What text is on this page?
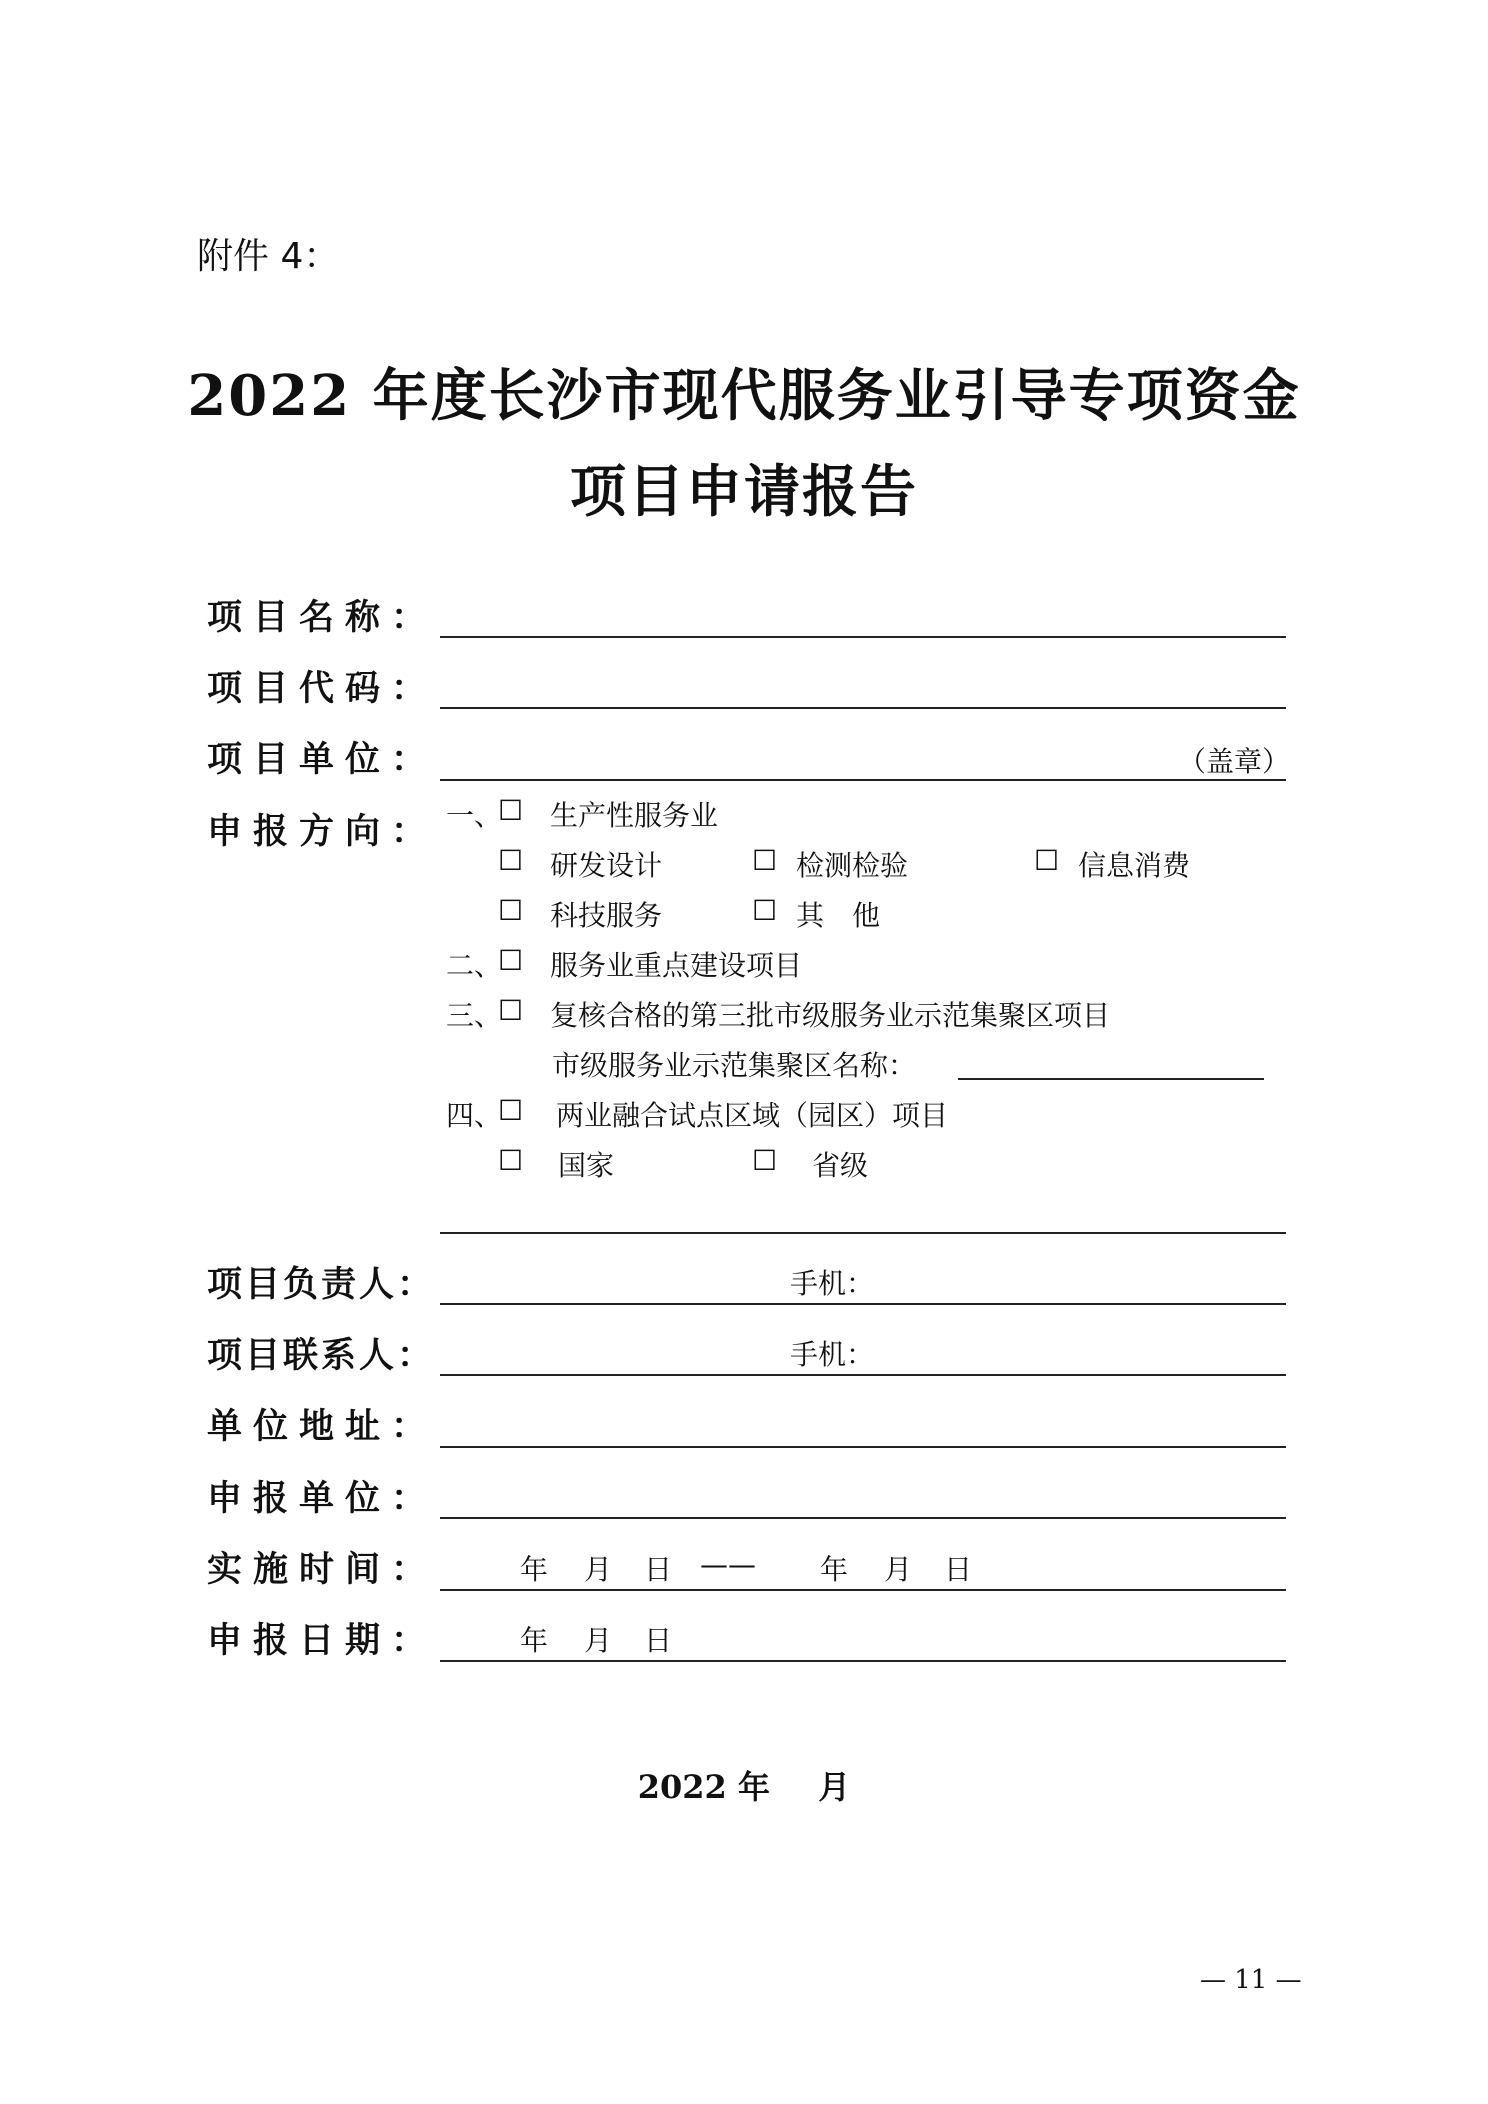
附件 4：
2022 年度长沙市现代服务业引导专项资金
项目申请报告
项目名称：
项目代码：
项目单位：	（盖章）
申报方向： 一、
☐ 生产性服务业
☐ 研发设计	☐ 检测检验	☐ 信息消费
☐ 科技服务	☐ 其　他
二、
☐ 服务业重点建设项目
三、
☐ 复核合格的第三批市级服务业示范集聚区项目
市级服务业示范集聚区名称：
四、
☐ 两业融合试点区域（园区）项目
☐ 国家	☐ 省级
项目负责人：	手机：
项目联系人：	手机：
单位地址：
申报单位：
实施时间：	年 月 日 —— 年 月 日
申报日期：	年 月 日
2022 年 月
— 11 —
